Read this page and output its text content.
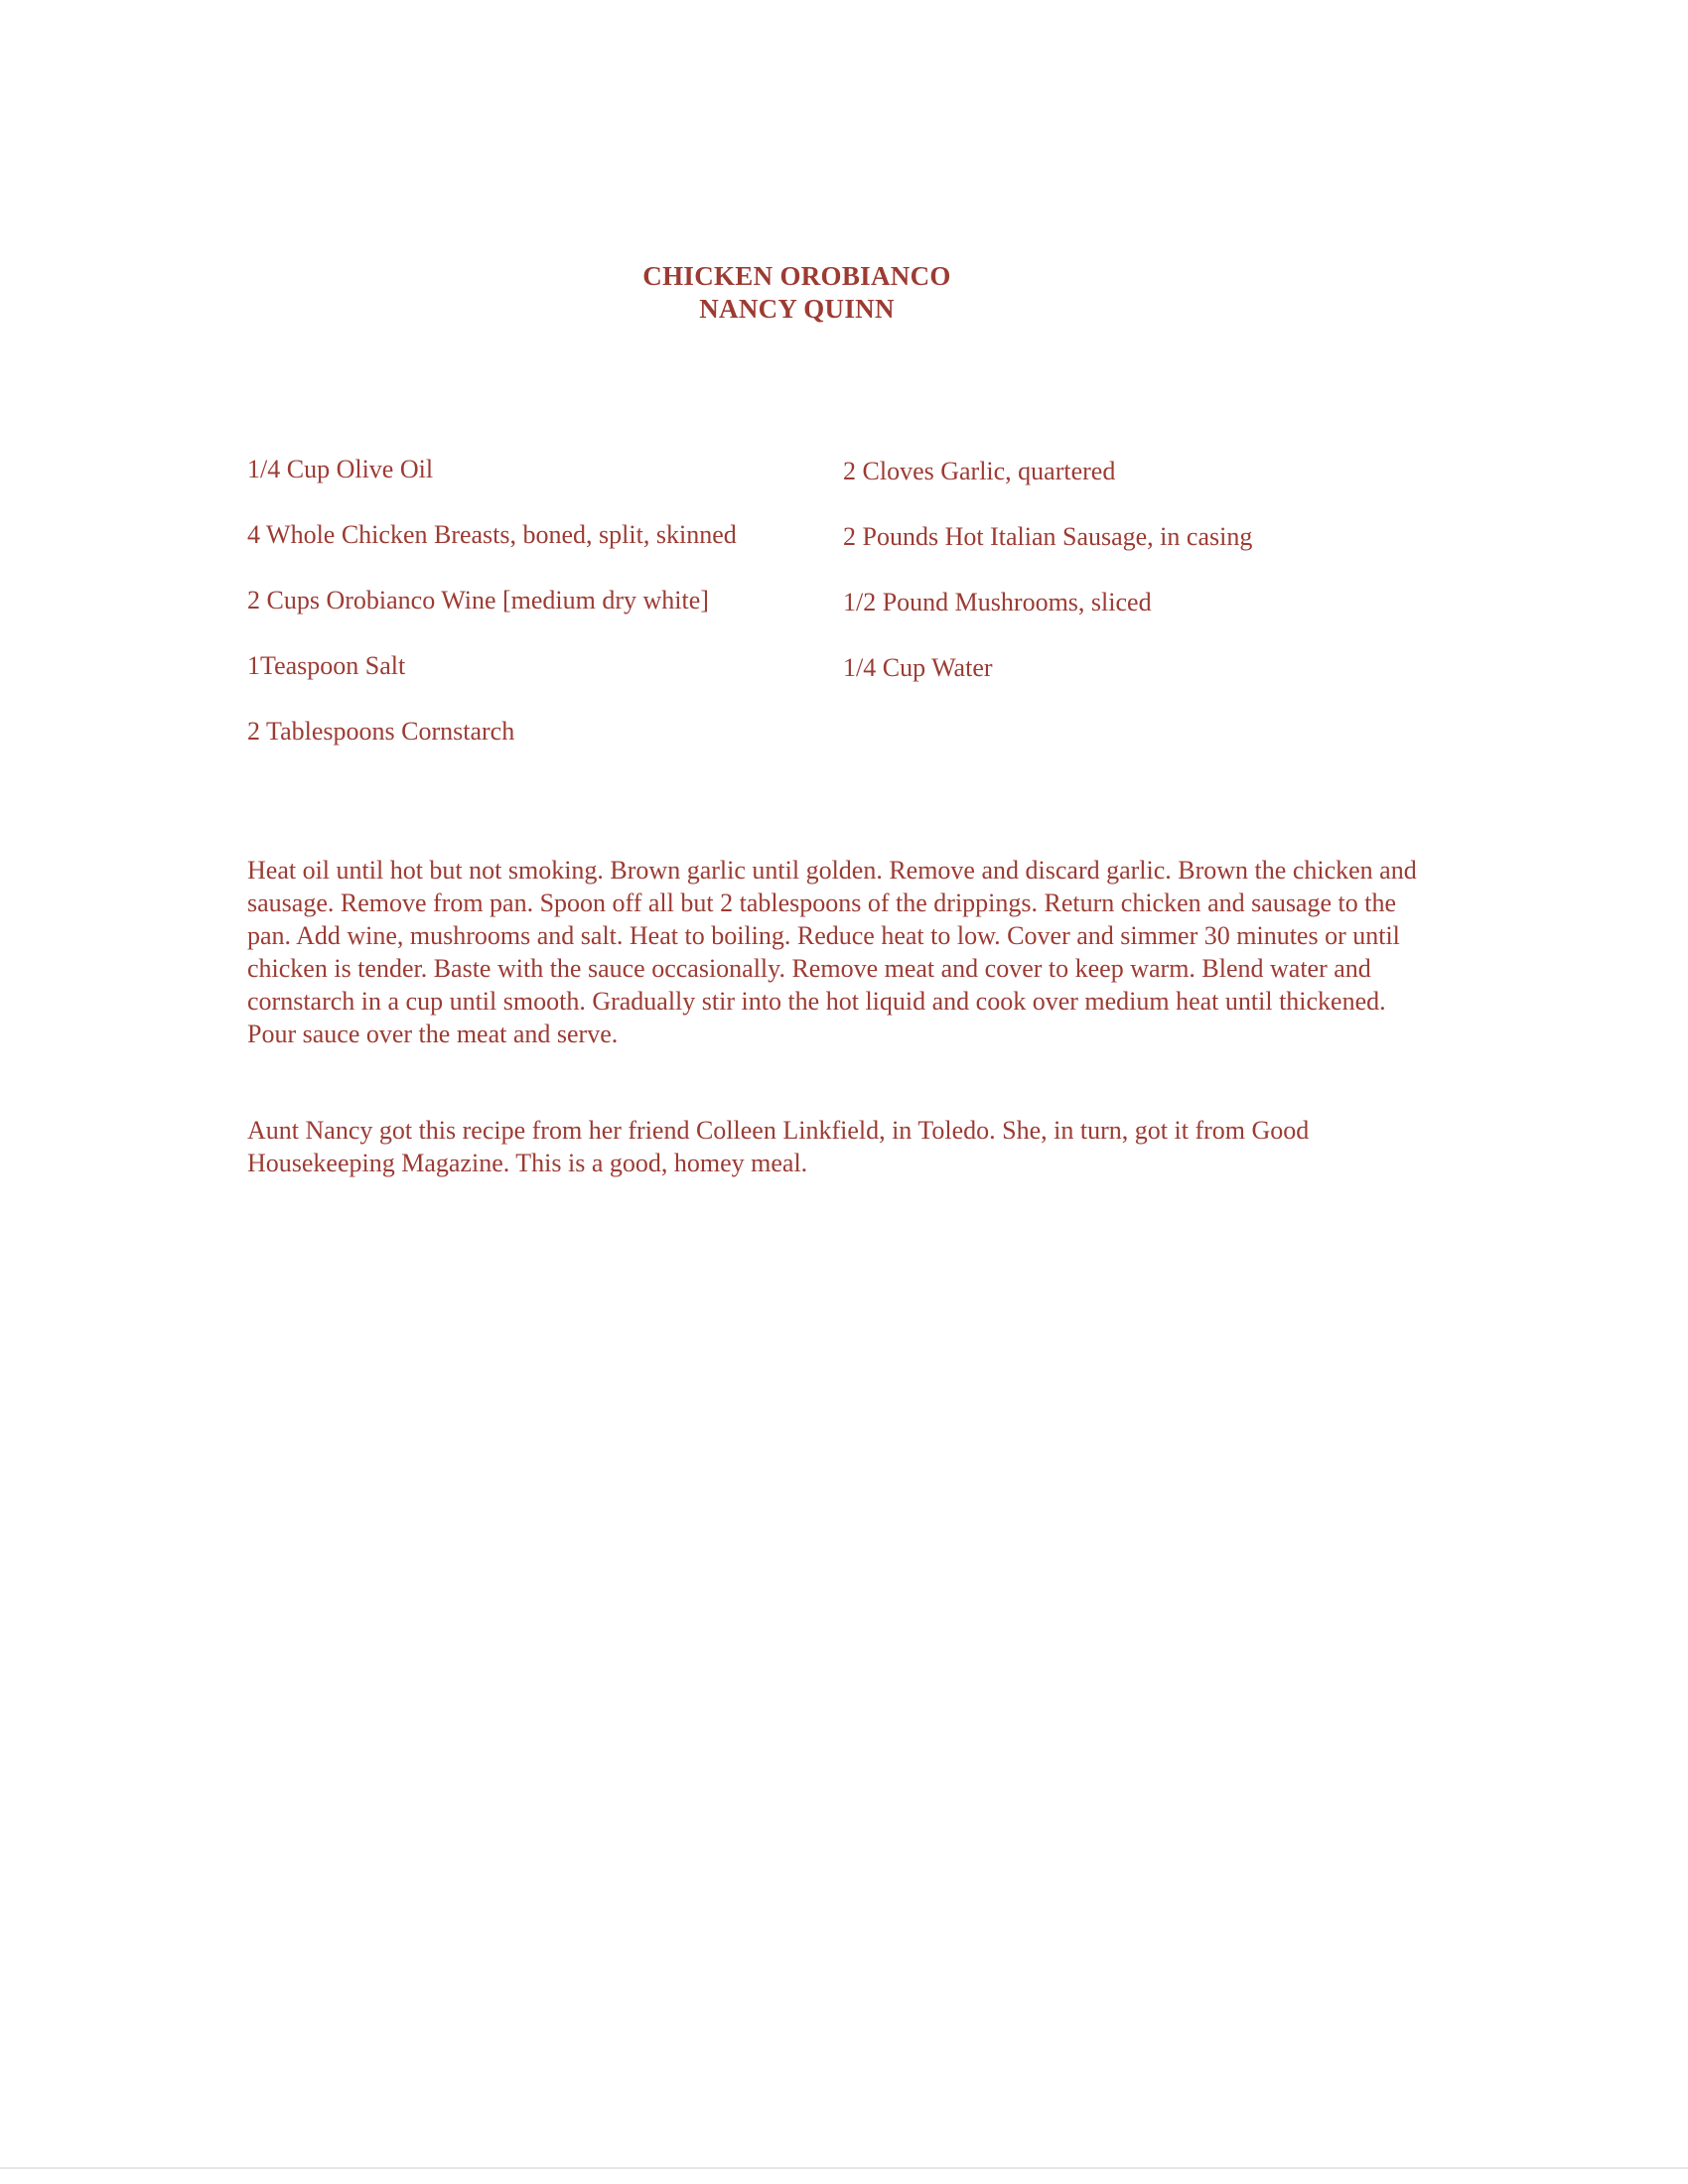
CHICKEN OROBIANCO
NANCY QUINN
1/4 Cup Olive Oil	2 Cloves Garlic, quartered
4 Whole Chicken Breasts, boned, split, skinned	2 Pounds Hot Italian Sausage, in casing
2 Cups Orobianco Wine [medium dry white]	1/2 Pound Mushrooms, sliced
1Teaspoon Salt	1/4 Cup Water
2 Tablespoons Cornstarch

Heat oil until hot but not smoking. Brown garlic until golden. Remove and discard garlic. Brown the chicken and sausage. Remove from pan. Spoon off all but 2 tablespoons of the drippings. Return chicken and sausage to the pan. Add wine, mushrooms and salt. Heat to boiling. Reduce heat to low. Cover and simmer 30 minutes or until chicken is tender. Baste with the sauce occasionally. Remove meat and cover to keep warm. Blend water and cornstarch in a cup until smooth. Gradually stir into the hot liquid and cook over medium heat until thickened. Pour sauce over the meat and serve.

Aunt Nancy got this recipe from her friend Colleen Linkfield, in Toledo. She, in turn, got it from Good Housekeeping Magazine. This is a good, homey meal.
